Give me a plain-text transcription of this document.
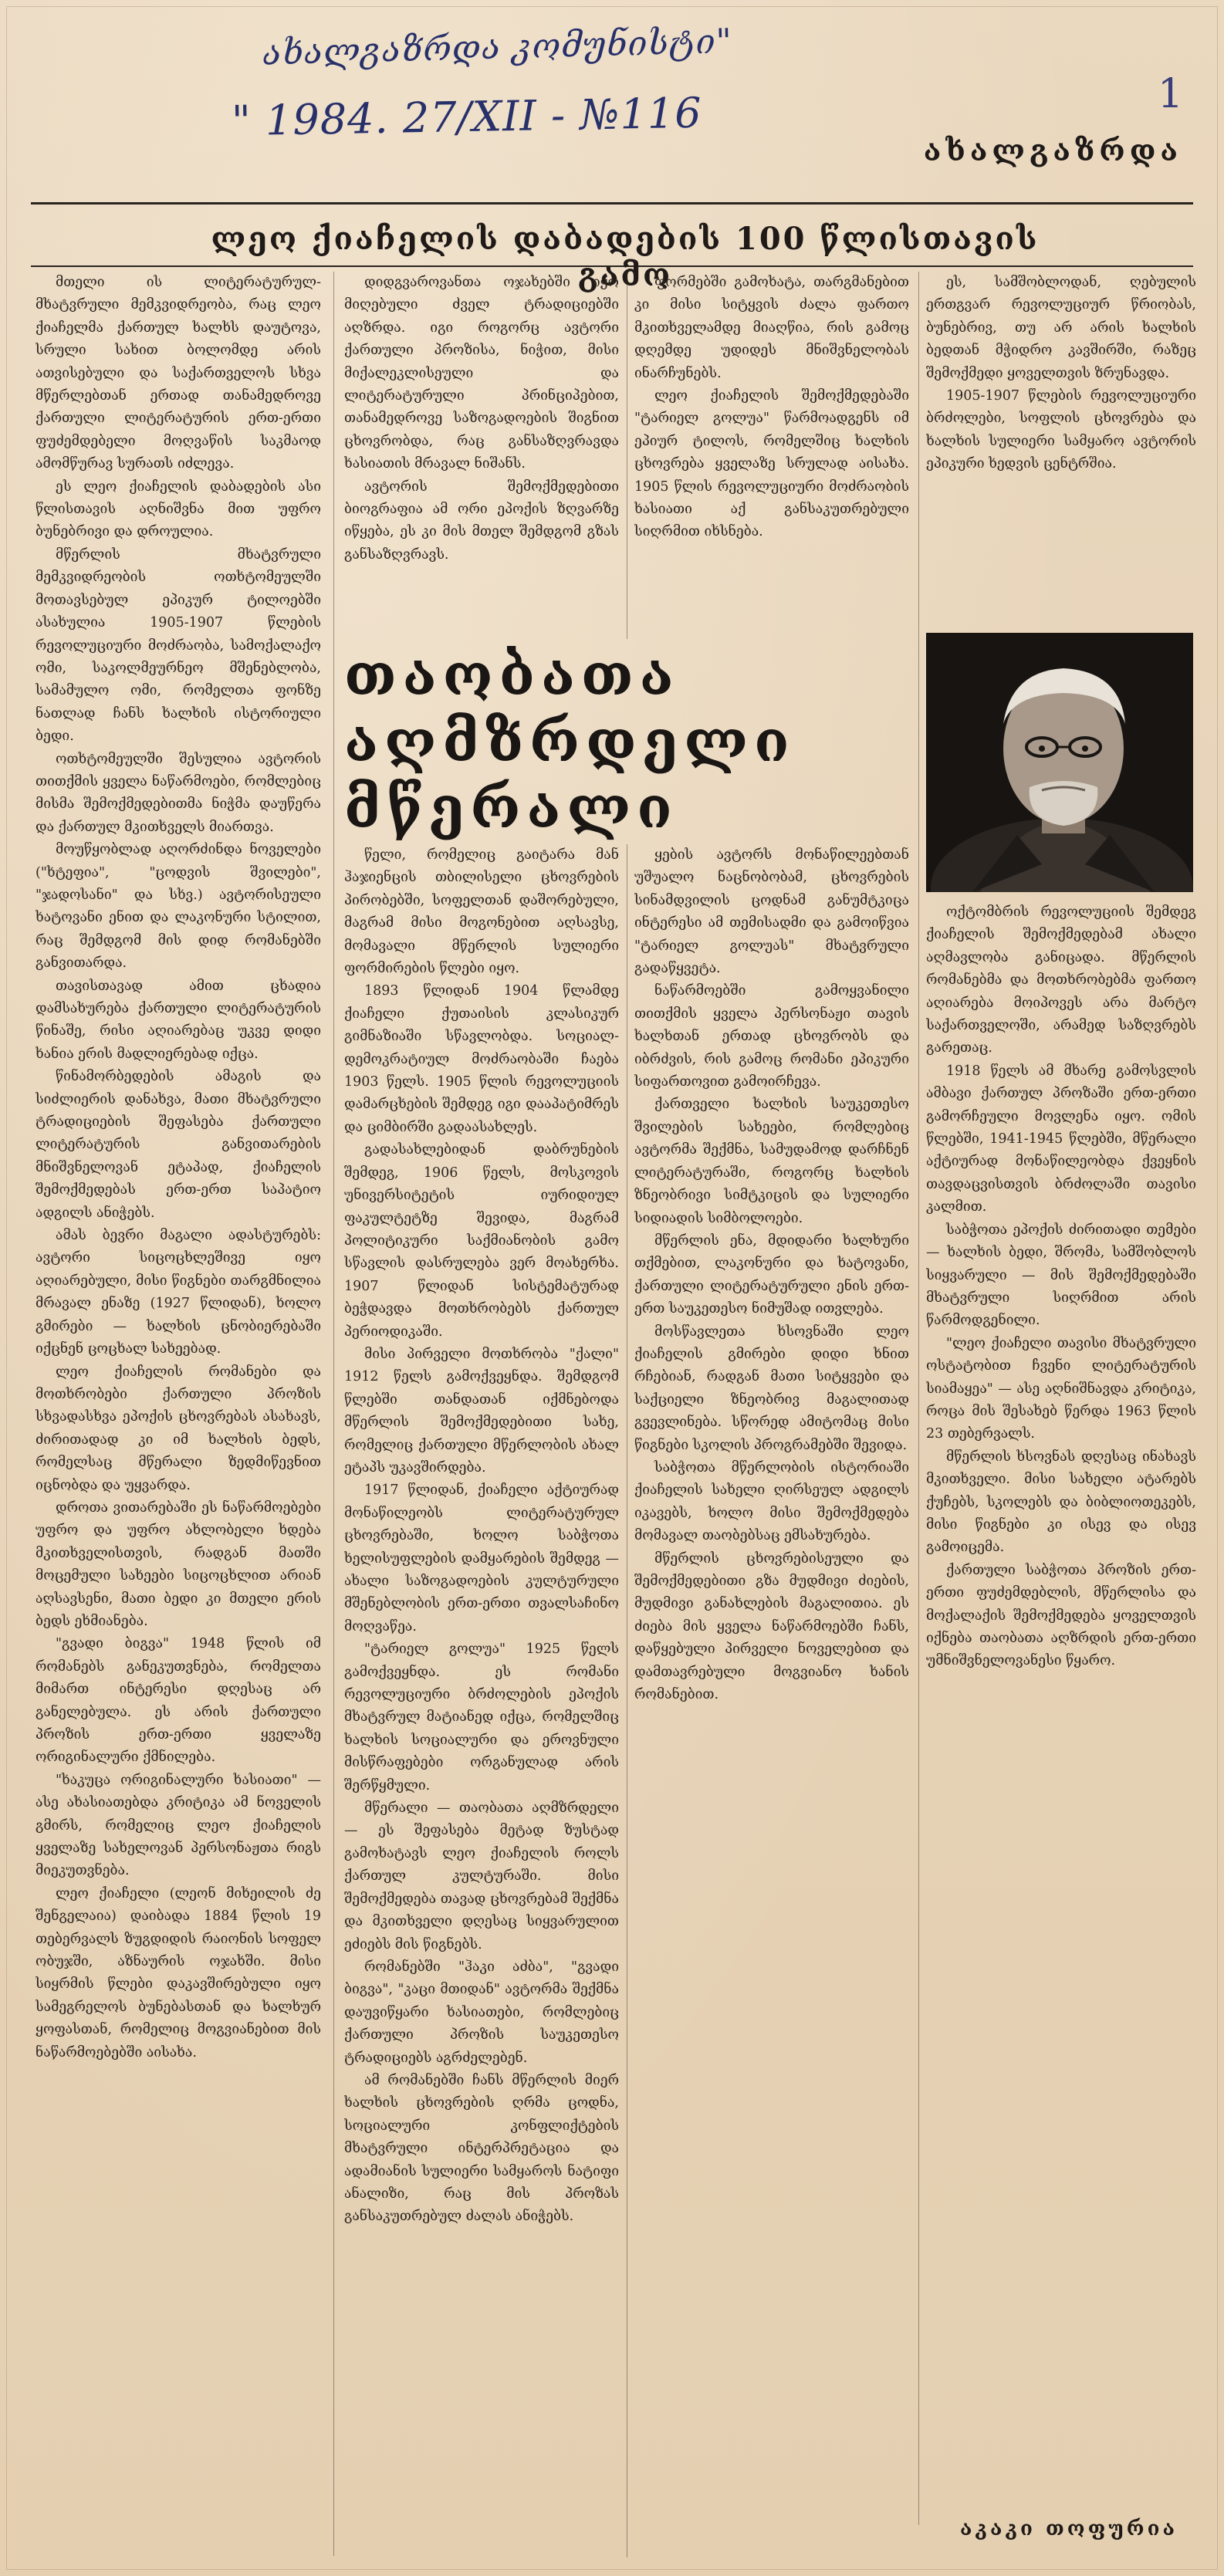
ახალგაზრდა კომუნისტი"
" 1984. 27/XII - №116	1
ახალგაზრდა
ლეო ქიაჩელის დაბადების 100 წლისთავის გამო

მთელი ის ლიტერატურულ-მხატვრული მემკვიდრეობა, რაც ლეო ქიაჩელმა ქართულ ხალხს დაუტოვა, სრული სახით ბოლომდე არის ათვისებული და საქართველოს სხვა მწერლებთან ერთად თანამედროვე ქართული ლიტერატურის ერთ-ერთი ფუძემდებელი მოღვაწის საკმაოდ ამომწურავ სურათს იძლევა.

ეს ლეო ქიაჩელის დაბადების ასი წლისთავის აღნიშვნა მით უფრო ბუნებრივი და დროულია.

მწერლის მხატვრული მემკვიდრეობის ოთხტომეულში მოთავსებულ ეპიკურ ტილოებში ასახულია 1905-1907 წლების რევოლუციური მოძრაობა, სამოქალაქო ომი, საკოლმეურნეო მშენებლობა, სამამულო ომი, რომელთა ფონზე ნათლად ჩანს ხალხის ისტორიული ბედი.

ოთხტომეულში შესულია ავტორის თითქმის ყველა ნაწარმოები, რომლებიც მისმა შემოქმედებითმა ნიჭმა დაუწერა და ქართულ მკითხველს მიართვა.

მოუწყობლად აღორძინდა ნოველები ("ხტეფია", "ცოდვის შვილები", "ჯადოსანი" და სხვ.) ავტორისეული ხატოვანი ენით და ლაკონური სტილით, რაც შემდგომ მის დიდ რომანებში განვითარდა.

თავისთავად ამით ცხადია დამსახურება ქართული ლიტერატურის წინაშე, რისი აღიარებაც უკვე დიდი ხანია ერის მადლიერებად იქცა.

წინამორბედების ამაგის და სიძლიერის დანახვა, მათი მხატვრული ტრადიციების შეფასება ქართული ლიტერატურის განვითარების მნიშვნელოვან ეტაპად, ქიაჩელის შემოქმედებას ერთ-ერთ საპატიო ადგილს ანიჭებს.

ამას ბევრი მაგალი ადასტურებს: ავტორი სიცოცხლეშივე იყო აღიარებული, მისი წიგნები თარგმნილია მრავალ ენაზე (1927 წლიდან), ხოლო გმირები — ხალხის ცნობიერებაში იქცნენ ცოცხალ სახეებად.

ლეო ქიაჩელის რომანები და მოთხრობები ქართული პროზის სხვადასხვა ეპოქის ცხოვრებას ასახავს, ძირითადად კი იმ ხალხის ბედს, რომელსაც მწერალი ზედმიწევნით იცნობდა და უყვარდა.

დროთა ვითარებაში ეს ნაწარმოებები უფრო და უფრო ახლობელი ხდება მკითხველისთვის, რადგან მათში მოცემული სახეები სიცოცხლით არიან აღსავსენი, მათი ბედი კი მთელი ერის ბედს ეხმიანება.

"გვადი ბიგვა" 1948 წლის იმ რომანებს განეკუთვნება, რომელთა მიმართ ინტერესი დღესაც არ განელებულა. ეს არის ქართული პროზის ერთ-ერთი ყველაზე ორიგინალური ქმნილება.

"ხაკუცა ორიგინალური ხასიათი" — ასე ახასიათებდა კრიტიკა ამ ნოველის გმირს, რომელიც ლეო ქიაჩელის ყველაზე სახელოვან პერსონაჟთა რიგს მიეკუთვნება.

ლეო ქიაჩელი (ლეონ მიხეილის ძე შენგელაია) დაიბადა 1884 წლის 19 თებერვალს ზუგდიდის რაიონის სოფელ ობუჯში, აზნაურის ოჯახში. მისი სიყრმის წლები დაკავშირებული იყო სამეგრელოს ბუნებასთან და ხალხურ ყოფასთან, რომელიც მოგვიანებით მის ნაწარმოებებში აისახა.

დიდგვაროვანთა ოჯახებში იყო მიღებული ძველ ტრადიციებში აღზრდა. იგი როგორც ავტორი ქართული პროზისა, ნიჭით, მისი მიქალეკლისეული და ლიტერატურული პრინციპებით, თანამედროვე საზოგადოების შიგნით ცხოვრობდა, რაც განსაზღვრავდა ხასიათის მრავალ ნიშანს.

ავტორის შემოქმედებითი ბიოგრაფია ამ ორი ეპოქის ზღვარზე იწყება, ეს კი მის მთელ შემდგომ გზას განსაზღვრავს.

ფორმებში გამოხატა, თარგმანებით კი მისი სიტყვის ძალა ფართო მკითხველამდე მიაღწია, რის გამოც დღემდე უდიდეს მნიშვნელობას ინარჩუნებს.

ლეო ქიაჩელის შემოქმედებაში "ტარიელ გოლუა" წარმოადგენს იმ ეპიურ ტილოს, რომელშიც ხალხის ცხოვრება ყველაზე სრულად აისახა. 1905 წლის რევოლუციური მოძრაობის ხასიათი აქ განსაკუთრებული სიღრმით იხსნება.

ეს, სამშობლოდან, ღებულის ერთგვარ რევოლუციურ წრიობას, ბუნებრივ, თუ არ არის ხალხის ბედთან მჭიდრო კავშირში, რაზეც შემოქმედი ყოველთვის ზრუნავდა.

1905-1907 წლების რევოლუციური ბრძოლები, სოფლის ცხოვრება და ხალხის სულიერი სამყარო ავტორის ეპიკური ხედვის ცენტრშია.

თაობათა
აღმზრდელი
მწერალი

წელი, რომელიც გაიტარა მან ჰაჯიენცის თბილისელი ცხოვრების პირობებში, სოფელთან დაშორებული, მაგრამ მისი მოგონებით აღსავსე, მომავალი მწერლის სულიერი ფორმირების წლები იყო.

1893 წლიდან 1904 წლამდე ქიაჩელი ქუთაისის კლასიკურ გიმნაზიაში სწავლობდა. სოციალ-დემოკრატიულ მოძრაობაში ჩაება 1903 წელს. 1905 წლის რევოლუციის დამარცხების შემდეგ იგი დააპატიმრეს და ციმბირში გადაასახლეს.

გადასახლებიდან დაბრუნების შემდეგ, 1906 წელს, მოსკოვის უნივერსიტეტის იურიდიულ ფაკულტეტზე შევიდა, მაგრამ პოლიტიკური საქმიანობის გამო სწავლის დასრულება ვერ მოახერხა. 1907 წლიდან სისტემატურად ბეჭდავდა მოთხრობებს ქართულ პერიოდიკაში.

მისი პირველი მოთხრობა "ქალი" 1912 წელს გამოქვეყნდა. შემდგომ წლებში თანდათან იქმნებოდა მწერლის შემოქმედებითი სახე, რომელიც ქართული მწერლობის ახალ ეტაპს უკავშირდება.

1917 წლიდან, ქიაჩელი აქტიურად მონაწილეობს ლიტერატურულ ცხოვრებაში, ხოლო საბჭოთა ხელისუფლების დამყარების შემდეგ — ახალი საზოგადოების კულტურული მშენებლობის ერთ-ერთი თვალსაჩინო მოღვაწეა.

"ტარიელ გოლუა" 1925 წელს გამოქვეყნდა. ეს რომანი რევოლუციური ბრძოლების ეპოქის მხატვრულ მატიანედ იქცა, რომელშიც ხალხის სოციალური და ეროვნული მისწრაფებები ორგანულად არის შერწყმული.

მწერალი — თაობათა აღმზრდელი — ეს შეფასება მეტად ზუსტად გამოხატავს ლეო ქიაჩელის როლს ქართულ კულტურაში. მისი შემოქმედება თავად ცხოვრებამ შექმნა და მკითხველი დღესაც სიყვარულით ეძიებს მის წიგნებს.

რომანებში "ჰაკი აძბა", "გვადი ბიგვა", "კაცი მთიდან" ავტორმა შექმნა დაუვიწყარი ხასიათები, რომლებიც ქართული პროზის საუკეთესო ტრადიციებს აგრძელებენ.

ამ რომანებში ჩანს მწერლის მიერ ხალხის ცხოვრების ღრმა ცოდნა, სოციალური კონფლიქტების მხატვრული ინტერპრეტაცია და ადამიანის სულიერი სამყაროს ნატიფი ანალიზი, რაც მის პროზას განსაკუთრებულ ძალას ანიჭებს.

ყების ავტორს მონაწილეებთან უშუალო ნაცნობობამ, ცხოვრების სინამდვილის ცოდნამ განუმტკიცა ინტერესი ამ თემისადმი და გამოიწვია "ტარიელ გოლუას" მხატვრული გადაწყვეტა.

ნაწარმოებში გამოყვანილი თითქმის ყველა პერსონაჟი თავის ხალხთან ერთად ცხოვრობს და იბრძვის, რის გამოც რომანი ეპიკური სიფართოვით გამოირჩევა.

ქართველი ხალხის საუკეთესო შვილების სახეები, რომლებიც ავტორმა შექმნა, სამუდამოდ დარჩნენ ლიტერატურაში, როგორც ხალხის ზნეობრივი სიმტკიცის და სულიერი სიდიადის სიმბოლოები.

მწერლის ენა, მდიდარი ხალხური თქმებით, ლაკონური და ხატოვანი, ქართული ლიტერატურული ენის ერთ-ერთ საუკეთესო ნიმუშად ითვლება.

მოსწავლეთა ხსოვნაში ლეო ქიაჩელის გმირები დიდი ხნით რჩებიან, რადგან მათი სიტყვები და საქციელი ზნეობრივ მაგალითად გვევლინება. სწორედ ამიტომაც მისი წიგნები სკოლის პროგრამებში შევიდა.

საბჭოთა მწერლობის ისტორიაში ქიაჩელის სახელი ღირსეულ ადგილს იკავებს, ხოლო მისი შემოქმედება მომავალ თაობებსაც ემსახურება.

მწერლის ცხოვრებისეული და შემოქმედებითი გზა მუდმივი ძიების, მუდმივი განახლების მაგალითია. ეს ძიება მის ყველა ნაწარმოებში ჩანს, დაწყებული პირველი ნოველებით და დამთავრებული მოგვიანო ხანის რომანებით.

ოქტომბრის რევოლუციის შემდეგ ქიაჩელის შემოქმედებამ ახალი აღმავლობა განიცადა. მწერლის რომანებმა და მოთხრობებმა ფართო აღიარება მოიპოვეს არა მარტო საქართველოში, არამედ საზღვრებს გარეთაც.

1918 წელს ამ მხარე გამოსვლის ამბავი ქართულ პროზაში ერთ-ერთი გამორჩეული მოვლენა იყო. ომის წლებში, 1941-1945 წლებში, მწერალი აქტიურად მონაწილეობდა ქვეყნის თავდაცვისთვის ბრძოლაში თავისი კალმით.

საბჭოთა ეპოქის ძირითადი თემები — ხალხის ბედი, შრომა, სამშობლოს სიყვარული — მის შემოქმედებაში მხატვრული სიღრმით არის წარმოდგენილი.

"ლეო ქიაჩელი თავისი მხატვრული ოსტატობით ჩვენი ლიტერატურის სიამაყეა" — ასე აღნიშნავდა კრიტიკა, როცა მის შესახებ წერდა 1963 წლის 23 თებერვალს.

მწერლის ხსოვნას დღესაც ინახავს მკითხველი. მისი სახელი ატარებს ქუჩებს, სკოლებს და ბიბლიოთეკებს, მისი წიგნები კი ისევ და ისევ გამოიცემა.

ქართული საბჭოთა პროზის ერთ-ერთი ფუძემდებლის, მწერლისა და მოქალაქის შემოქმედება ყოველთვის იქნება თაობათა აღზრდის ერთ-ერთი უმნიშვნელოვანესი წყარო.

აკაკი თოფურია
